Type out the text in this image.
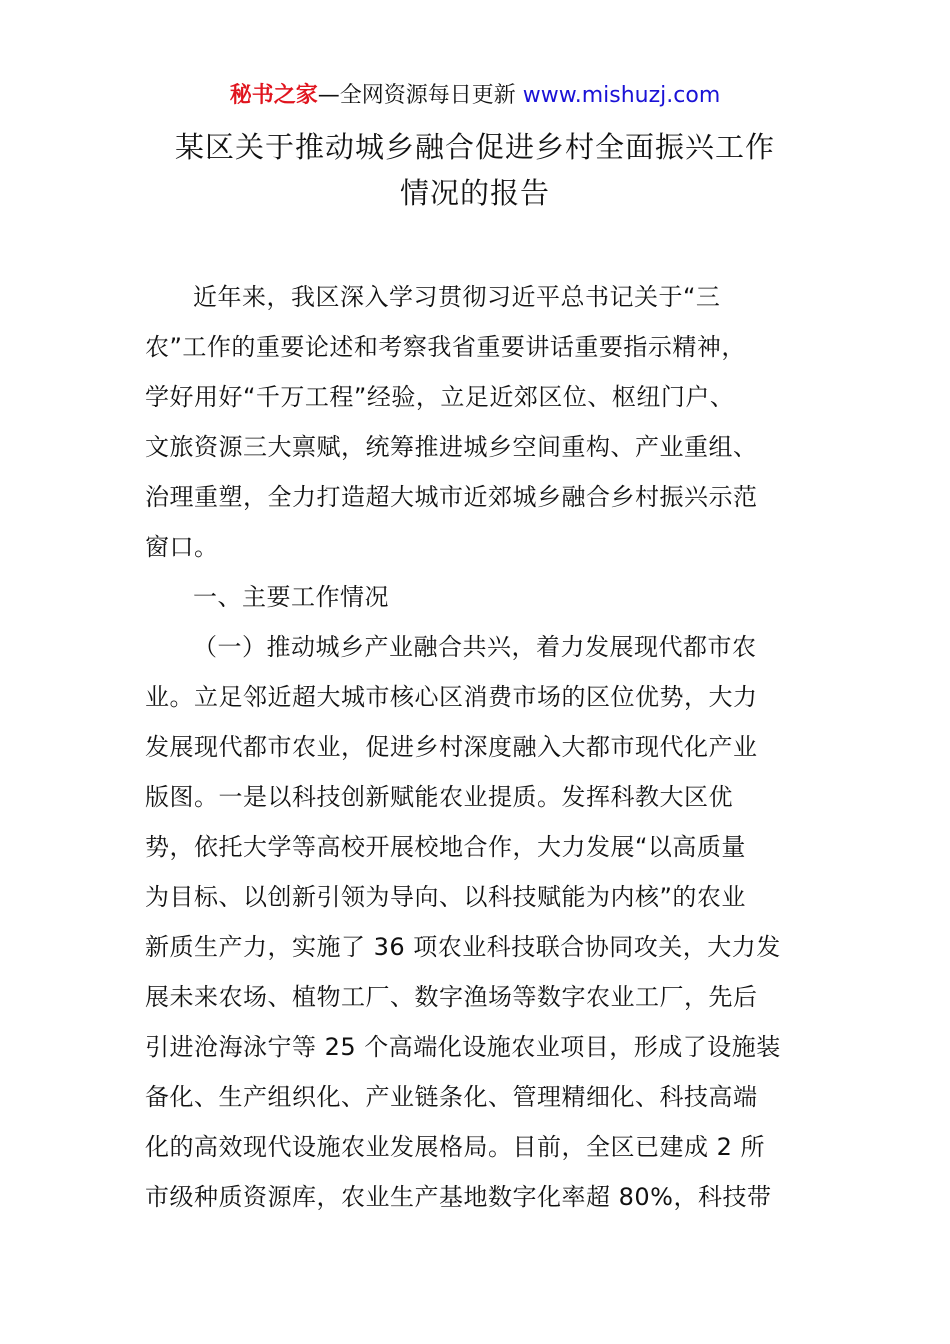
秘书之家—全网资源每日更新 www.mishuzj.com
某区关于推动城乡融合促进乡村全面振兴工作
情况的报告
近年来，我区深入学习贯彻习近平总书记关于“三
农”工作的重要论述和考察我省重要讲话重要指示精神，
学好用好“千万工程”经验，立足近郊区位、枢纽门户、
文旅资源三大禀赋，统筹推进城乡空间重构、产业重组、
治理重塑，全力打造超大城市近郊城乡融合乡村振兴示范
窗口。
一、主要工作情况
（一）推动城乡产业融合共兴，着力发展现代都市农
业。立足邻近超大城市核心区消费市场的区位优势，大力
发展现代都市农业，促进乡村深度融入大都市现代化产业
版图。一是以科技创新赋能农业提质。发挥科教大区优
势，依托大学等高校开展校地合作，大力发展“以高质量
为目标、以创新引领为导向、以科技赋能为内核”的农业
新质生产力，实施了 36 项农业科技联合协同攻关，大力发
展未来农场、植物工厂、数字渔场等数字农业工厂，先后
引进沧海泳宁等 25 个高端化设施农业项目，形成了设施装
备化、生产组织化、产业链条化、管理精细化、科技高端
化的高效现代设施农业发展格局。目前，全区已建成 2 所
市级种质资源库，农业生产基地数字化率超 80%，科技带
